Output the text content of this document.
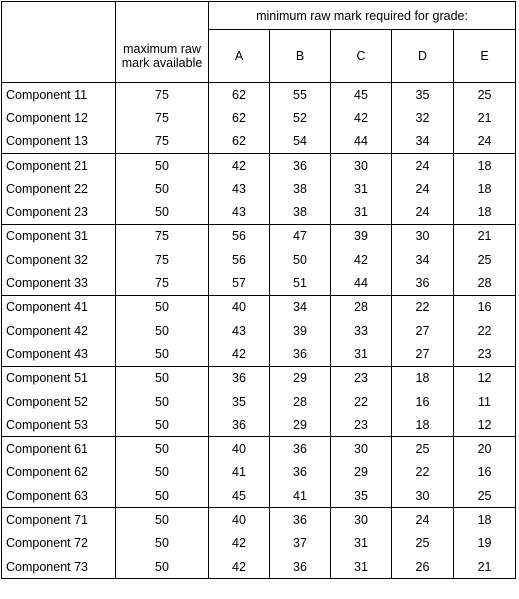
		minimum raw mark required for grade:				
	maximum raw mark available	A	B	C	D	E
Component 11	75	62	55	45	35	25
Component 12	75	62	52	42	32	21
Component 13	75	62	54	44	34	24
Component 21	50	42	36	30	24	18
Component 22	50	43	38	31	24	18
Component 23	50	43	38	31	24	18
Component 31	75	56	47	39	30	21
Component 32	75	56	50	42	34	25
Component 33	75	57	51	44	36	28
Component 41	50	40	34	28	22	16
Component 42	50	43	39	33	27	22
Component 43	50	42	36	31	27	23
Component 51	50	36	29	23	18	12
Component 52	50	35	28	22	16	11
Component 53	50	36	29	23	18	12
Component 61	50	40	36	30	25	20
Component 62	50	41	36	29	22	16
Component 63	50	45	41	35	30	25
Component 71	50	40	36	30	24	18
Component 72	50	42	37	31	25	19
Component 73	50	42	36	31	26	21
